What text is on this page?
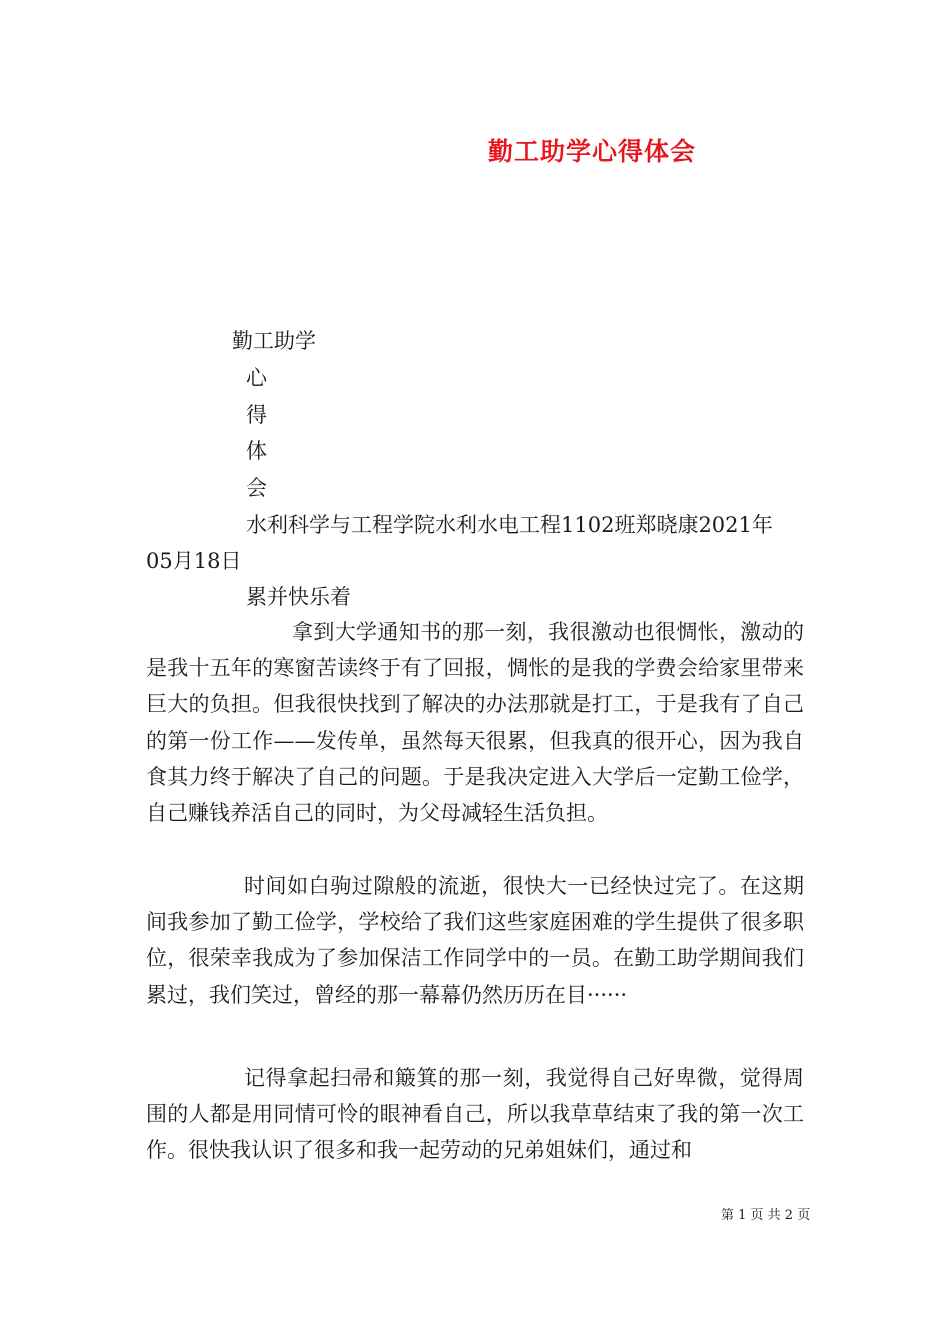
勤工助学心得体会
勤工助学
心
得
体
会
水利科学与工程学院水利水电工程1102班郑晓康2021年
05月18日
累并快乐着

拿到大学通知书的那一刻，我很激动也很惆怅，激动的是我十五年的寒窗苦读终于有了回报，惆怅的是我的学费会给家里带来巨大的负担。但我很快找到了解决的办法那就是打工，于是我有了自己的第一份工作——发传单，虽然每天很累，但我真的很开心，因为我自食其力终于解决了自己的问题。于是我决定进入大学后一定勤工俭学，自己赚钱养活自己的同时，为父母减轻生活负担。

时间如白驹过隙般的流逝，很快大一已经快过完了。在这期间我参加了勤工俭学，学校给了我们这些家庭困难的学生提供了很多职位，很荣幸我成为了参加保洁工作同学中的一员。在勤工助学期间我们累过，我们笑过，曾经的那一幕幕仍然历历在目······

记得拿起扫帚和簸箕的那一刻，我觉得自己好卑微，觉得周围的人都是用同情可怜的眼神看自己，所以我草草结束了我的第一次工作。很快我认识了很多和我一起劳动的兄弟姐妹们，通过和

第 1 页 共 2 页
